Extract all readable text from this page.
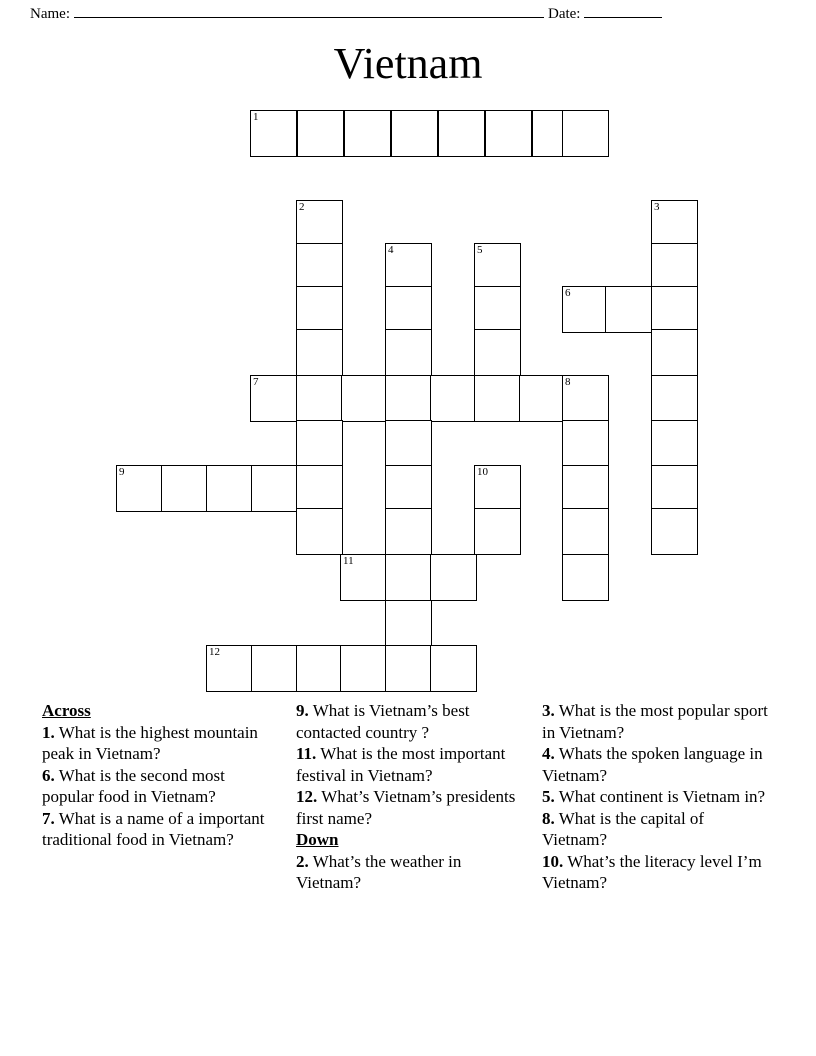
Name:	Date:
Vietnam
1
2	3
4	5
6
7	8
9	10
11
12
Across
1. What is the highest mountain peak in Vietnam?
6. What is the second most popular food in Vietnam?
7. What is a name of a important traditional food in Vietnam?
9. What is Vietnam’s best contacted country ?
11. What is the most important festival in Vietnam?
12. What’s Vietnam’s presidents first name?
Down
2. What’s the weather in Vietnam?
3. What is the most popular sport in Vietnam?
4. Whats the spoken language in Vietnam?
5. What continent is Vietnam in?
8. What is the capital of Vietnam?
10. What’s the literacy level I’m Vietnam?
